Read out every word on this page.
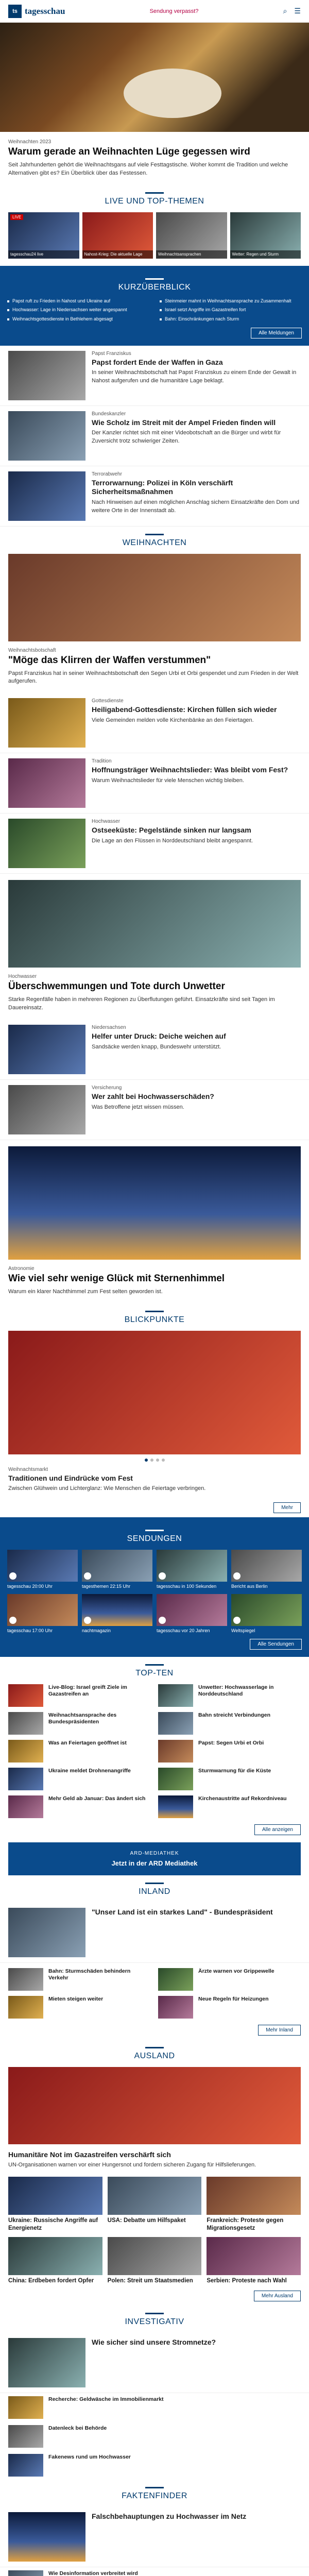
ts tagesschau	Sendung verpasst?	⌕ ☰
Weihnachten 2023
Warum gerade an Weihnachten Lüge gegessen wird
Seit Jahrhunderten gehört die Weihnachtsgans auf viele Festtagstische. Woher kommt die Tradition und welche Alternativen gibt es? Ein Überblick über das Festessen.
LIVE UND TOP-THEMEN
LIVE
tagesschau24 live	Nahost-Krieg: Die aktuelle Lage	Weihnachtsansprachen	Wetter: Regen und Sturm
KURZÜBERBLICK
Papst ruft zu Frieden in Nahost und Ukraine auf	Steinmeier mahnt in Weihnachtsansprache zu Zusammenhalt
Hochwasser: Lage in Niedersachsen weiter angespannt	Israel setzt Angriffe im Gazastreifen fort
Weihnachtsgottesdienste in Bethlehem abgesagt	Bahn: Einschränkungen nach Sturm
Alle Meldungen
Papst Franziskus
Papst fordert Ende der Waffen in Gaza
In seiner Weihnachtsbotschaft hat Papst Franziskus zu einem Ende der Gewalt in Nahost aufgerufen und die humanitäre Lage beklagt.
Bundeskanzler
Wie Scholz im Streit mit der Ampel Frieden finden will
Der Kanzler richtet sich mit einer Videobotschaft an die Bürger und wirbt für Zuversicht trotz schwieriger Zeiten.
Terrorabwehr
Terrorwarnung: Polizei in Köln verschärft Sicherheitsmaßnahmen
Nach Hinweisen auf einen möglichen Anschlag sichern Einsatzkräfte den Dom und weitere Orte in der Innenstadt ab.
WEIHNACHTEN
Weihnachtsbotschaft
"Möge das Klirren der Waffen verstummen"
Papst Franziskus hat in seiner Weihnachtsbotschaft den Segen Urbi et Orbi gespendet und zum Frieden in der Welt aufgerufen.
Gottesdienste
Heiligabend-Gottesdienste: Kirchen füllen sich wieder
Viele Gemeinden melden volle Kirchenbänke an den Feiertagen.
Tradition
Hoffnungsträger Weihnachtslieder: Was bleibt vom Fest?
Warum Weihnachtslieder für viele Menschen wichtig bleiben.
Hochwasser
Ostseeküste: Pegelstände sinken nur langsam
Die Lage an den Flüssen in Norddeutschland bleibt angespannt.
Hochwasser
Überschwemmungen und Tote durch Unwetter
Starke Regenfälle haben in mehreren Regionen zu Überflutungen geführt. Einsatzkräfte sind seit Tagen im Dauereinsatz.
Niedersachsen
Helfer unter Druck: Deiche weichen auf
Sandsäcke werden knapp, Bundeswehr unterstützt.
Versicherung
Wer zahlt bei Hochwasserschäden?
Was Betroffene jetzt wissen müssen.
Astronomie
Wie viel sehr wenige Glück mit Sternenhimmel
Warum ein klarer Nachthimmel zum Fest selten geworden ist.
BLICKPUNKTE
Weihnachtsmarkt
Traditionen und Eindrücke vom Fest
Zwischen Glühwein und Lichterglanz: Wie Menschen die Feiertage verbringen.
Mehr
SENDUNGEN
tagesschau 20:00 Uhr	tagesthemen 22:15 Uhr	tagesschau in 100 Sekunden	Bericht aus Berlin
tagesschau 17:00 Uhr	nachtmagazin	tagesschau vor 20 Jahren	Weltspiegel
Alle Sendungen
TOP-TEN
Live-Blog: Israel greift Ziele im Gazastreifen an
Unwetter: Hochwasserlage in Norddeutschland
Weihnachtsansprache des Bundespräsidenten
Bahn streicht Verbindungen
Was an Feiertagen geöffnet ist	Papst: Segen Urbi et Orbi
Ukraine meldet Drohnenangriffe	Sturmwarnung für die Küste
Mehr Geld ab Januar: Das ändert sich	Kirchenaustritte auf Rekordniveau
Alle anzeigen
ARD-MEDIATHEK
Jetzt in der ARD Mediathek
INLAND
"Unser Land ist ein starkes Land" - Bundespräsident
Bahn: Sturmschäden behindern Verkehr
Ärzte warnen vor Grippewelle
Mieten steigen weiter	Neue Regeln für Heizungen
Mehr Inland
AUSLAND
Humanitäre Not im Gazastreifen verschärft sich
UN-Organisationen warnen vor einer Hungersnot und fordern sicheren Zugang für Hilfslieferungen.
Ukraine: Russische Angriffe auf Energienetz
USA: Debatte um Hilfspaket	Frankreich: Proteste gegen Migrationsgesetz
China: Erdbeben fordert Opfer	Polen: Streit um Staatsmedien	Serbien: Proteste nach Wahl
Mehr Ausland
INVESTIGATIV
Wie sicher sind unsere Stromnetze?
Recherche: Geldwäsche im Immobilienmarkt
Datenleck bei Behörde
Fakenews rund um Hochwasser
FAKTENFINDER
Falschbehauptungen zu Hochwasser im Netz
Wie Desinformation verbreitet wird
